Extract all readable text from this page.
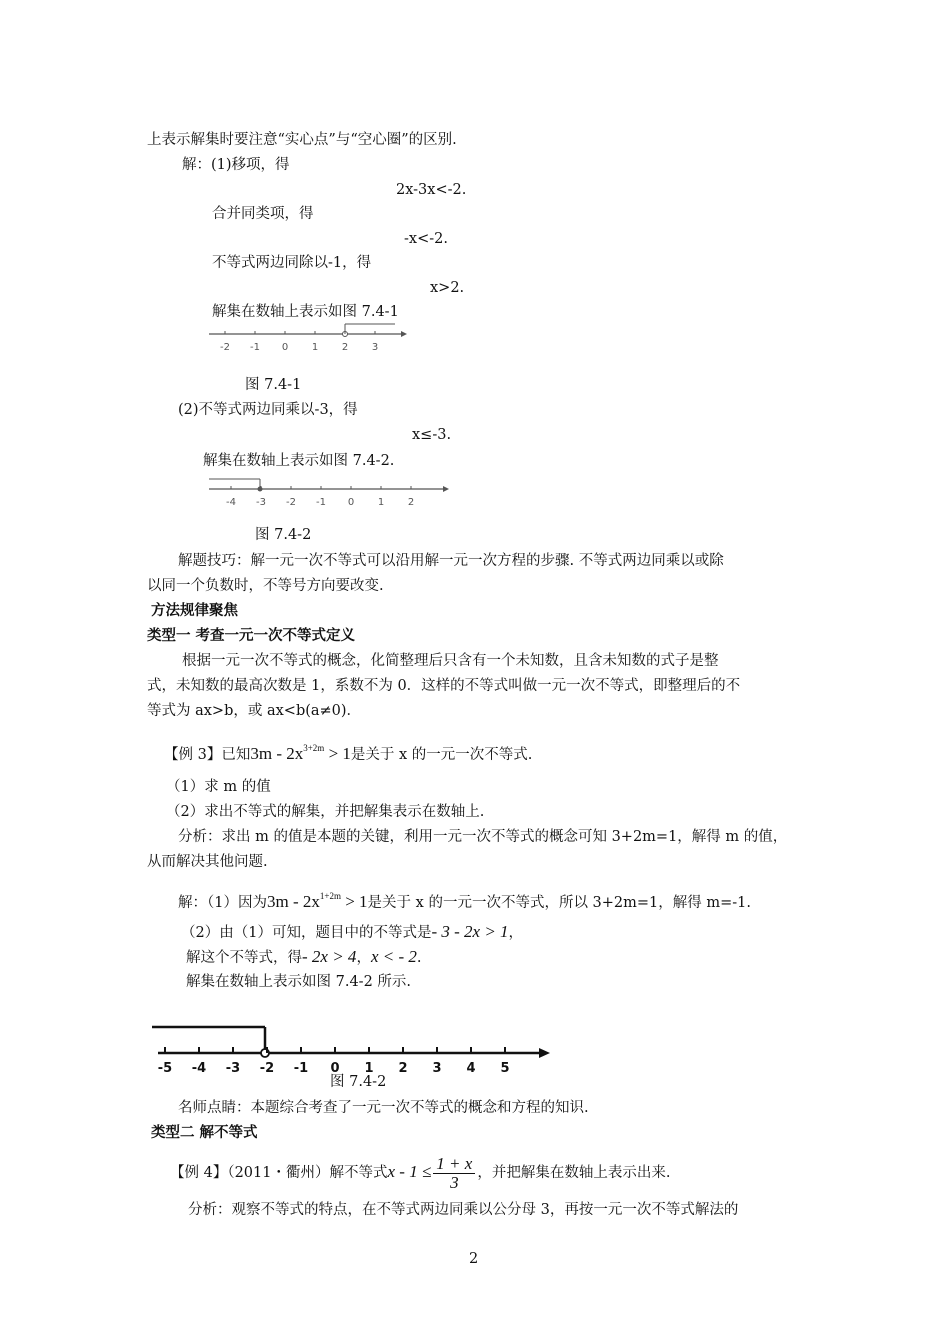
上表示解集时要注意“实心点”与“空心圈”的区别.
解：(1)移项，得
2x-3x<-2.
合并同类项，得
-x<-2.
不等式两边同除以-1，得
x>2.
解集在数轴上表示如图 7.4-1
-2 -1 0 1 2 3
图 7.4-1
(2)不等式两边同乘以-3，得
x≤-3.
解集在数轴上表示如图 7.4-2.
-4 -3 -2 -1 0 1 2
图 7.4-2
解题技巧：解一元一次不等式可以沿用解一元一次方程的步骤. 不等式两边同乘以或除
以同一个负数时，不等号方向要改变.
方法规律聚焦
类型一 考查一元一次不等式定义
根据一元一次不等式的概念，化简整理后只含有一个未知数，且含未知数的式子是整
式，未知数的最高次数是 1，系数不为 0．这样的不等式叫做一元一次不等式，即整理后的不
等式为 ax>b，或 ax<b(a≠0)．
【例 3】已知$3m - 2x^{3+2m} > 1$是关于 x 的一元一次不等式.
（1）求 m 的值
（2）求出不等式的解集，并把解集表示在数轴上.
分析：求出 m 的值是本题的关键，利用一元一次不等式的概念可知 3+2m=1，解得 m 的值，
从而解决其他问题.
解：（1）因为$3m - 2x^{1+2m} > 1$是关于 x 的一元一次不等式，所以 3+2m=1，解得 m=-1.
（2）由（1）可知，题目中的不等式是- 3 - 2x > 1，
解这个不等式，得- 2x > 4，x < - 2.
解集在数轴上表示如图 7.4-2 所示.
-5 -4 -3 -2 -1 0 1 2 3 4 5
图 7.4-2
名师点睛：本题综合考查了一元一次不等式的概念和方程的知识.
类型二 解不等式
【例 4】（2011・衢州）解不等式$x - 1 \le \frac{1 + x}{3}$ ，并把解集在数轴上表示出来.
分析：观察不等式的特点，在不等式两边同乘以公分母 3，再按一元一次不等式解法的
2
